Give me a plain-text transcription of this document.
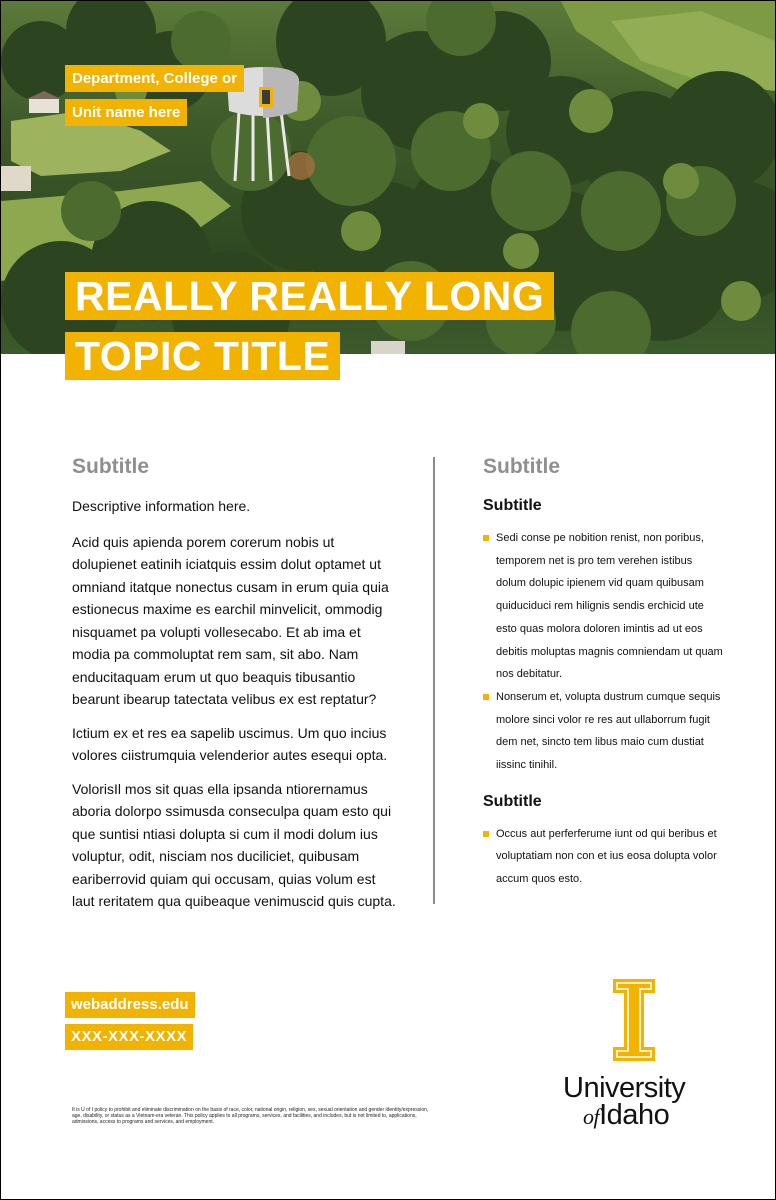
Department, College or
Unit name here
REALLY REALLY LONG
TOPIC TITLE
Subtitle

Descriptive information here.

Acid quis apienda porem corerum nobis ut dolupienet eatinih iciatquis essim dolut optamet ut omniand itatque nonectus cusam in erum quia quia estionecus maxime es earchil minvelicit, ommodig nisquamet pa volupti vollesecabo. Et ab ima et modia pa commoluptat rem sam, sit abo. Nam enducitaquam erum ut quo beaquis tibusantio bearunt ibearup tatectata velibus ex est reptatur?

Ictium ex et res ea sapelib uscimus. Um quo incius volores ciistrumquia velenderior autes esequi opta.

VolorisIl mos sit quas ella ipsanda ntiorernamus aboria dolorpo ssimusda conseculpa quam esto qui que suntisi ntiasi dolupta si cum il modi dolum ius voluptur, odit, nisciam nos duciliciet, quibusam eariberrovid quiam qui occusam, quias volum est laut reritatem qua quibeaque venimuscid quis cupta.

Subtitle
Subtitle
Sedi conse pe nobition renist, non poribus, temporem net is pro tem verehen istibus dolum dolupic ipienem vid quam quibusam quiduciduci rem hilignis sendis erchicid ute esto quas molora doloren imintis ad ut eos debitis moluptas magnis comniendam ut quam nos debitatur.
Nonserum et, volupta dustrum cumque sequis molore sinci volor re res aut ullaborrum fugit dem net, sincto tem libus maio cum dustiat iissinc tinihil.
Subtitle
Occus aut perferferume iunt od qui beribus et voluptatiam non con et ius eosa dolupta volor accum quos esto.
webaddress.edu
XXX-XXX-XXXX
It is U of I policy to prohibit and eliminate discrimination on the basis of race, color, national origin, religion, sex, sexual orientation and gender identity/expression, age, disability, or status as a Vietnam-era veteran. This policy applies to all programs, services, and facilities, and includes, but is not limited to, applications, admissions, access to programs and services, and employment.
University
ofIdaho
